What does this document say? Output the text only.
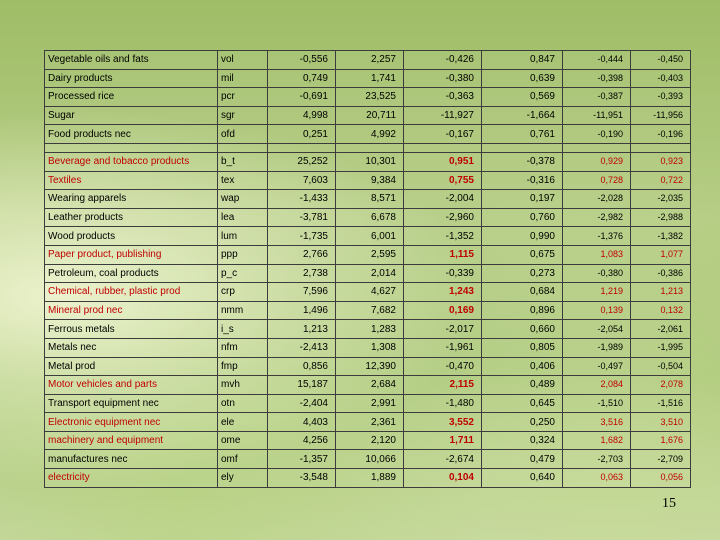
Vegetable oils and fats	vol	-0,556	2,257	-0,426	0,847	-0,444	-0,450
Dairy products	mil	0,749	1,741	-0,380	0,639	-0,398	-0,403
Processed rice	pcr	-0,691	23,525	-0,363	0,569	-0,387	-0,393
Sugar	sgr	4,998	20,711	-11,927	-1,664	-11,951	-11,956
Food products nec	ofd	0,251	4,992	-0,167	0,761	-0,190	-0,196

Beverage and tobacco products	b_t	25,252	10,301	0,951	-0,378	0,929	0,923
Textiles	tex	7,603	9,384	0,755	-0,316	0,728	0,722
Wearing apparels	wap	-1,433	8,571	-2,004	0,197	-2,028	-2,035
Leather products	lea	-3,781	6,678	-2,960	0,760	-2,982	-2,988
Wood products	lum	-1,735	6,001	-1,352	0,990	-1,376	-1,382
Paper product, publishing	ppp	2,766	2,595	1,115	0,675	1,083	1,077
Petroleum, coal products	p_c	2,738	2,014	-0,339	0,273	-0,380	-0,386
Chemical, rubber, plastic prod	crp	7,596	4,627	1,243	0,684	1,219	1,213
Mineral prod nec	nmm	1,496	7,682	0,169	0,896	0,139	0,132
Ferrous metals	i_s	1,213	1,283	-2,017	0,660	-2,054	-2,061
Metals nec	nfm	-2,413	1,308	-1,961	0,805	-1,989	-1,995
Metal prod	fmp	0,856	12,390	-0,470	0,406	-0,497	-0,504
Motor vehicles and parts	mvh	15,187	2,684	2,115	0,489	2,084	2,078
Transport equipment nec	otn	-2,404	2,991	-1,480	0,645	-1,510	-1,516
Electronic equipment nec	ele	4,403	2,361	3,552	0,250	3,516	3,510
machinery and equipment	ome	4,256	2,120	1,711	0,324	1,682	1,676
manufactures nec	omf	-1,357	10,066	-2,674	0,479	-2,703	-2,709
electricity	ely	-3,548	1,889	0,104	0,640	0,063	0,056
15
